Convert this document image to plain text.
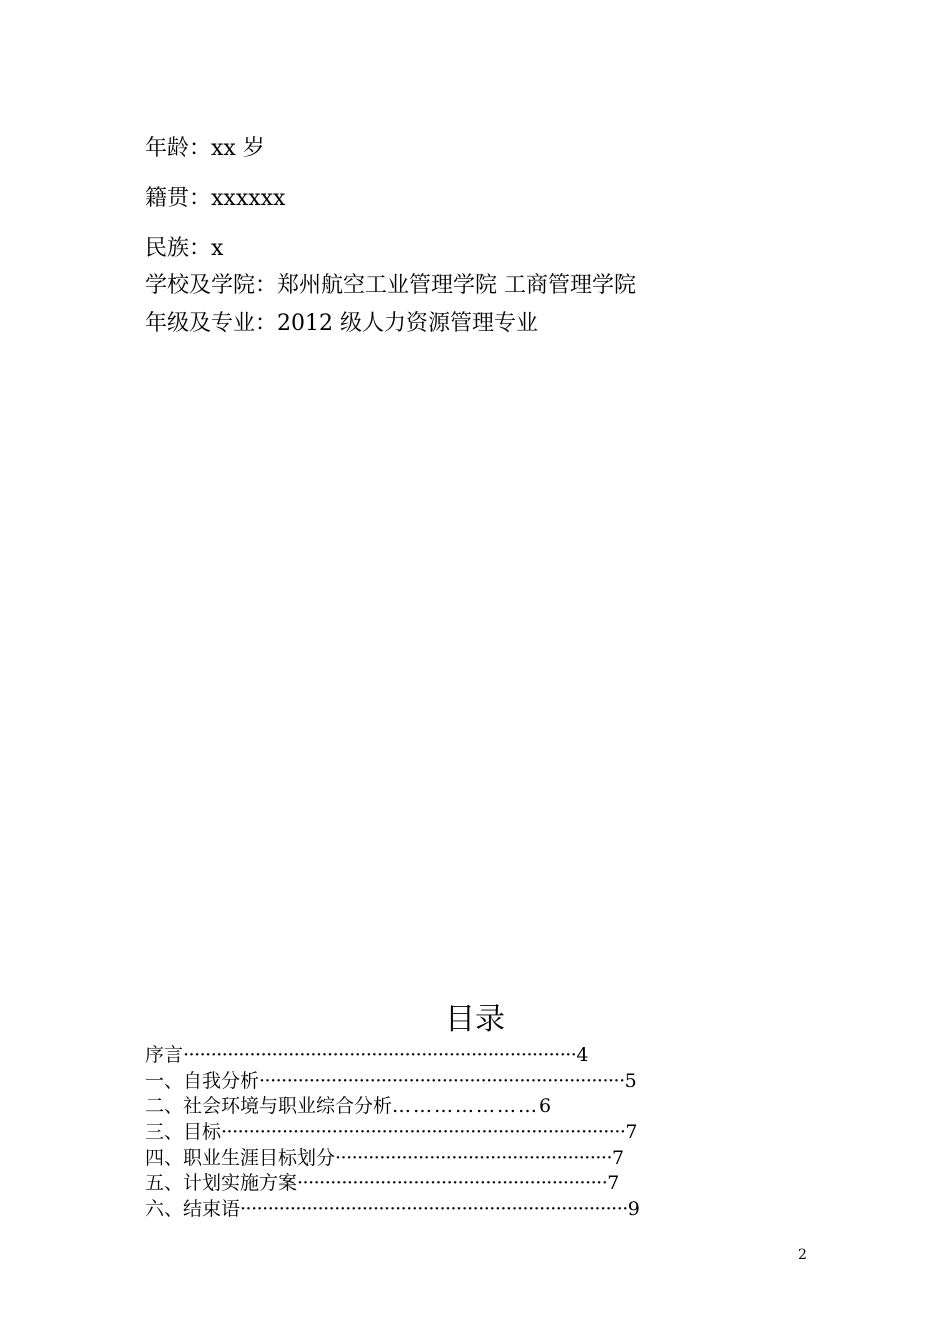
年龄：xx 岁
籍贯：xxxxxx
民族：x
学校及学院：郑州航空工业管理学院 工商管理学院
年级及专业：2012 级人力资源管理专业
目录
序言·······································································4
一、自我分析··································································5
二、社会环境与职业综合分析…………………6
三、目标·········································································7
四、职业生涯目标划分··················································7
五、计划实施方案························································7
六、结束语······································································9
2
